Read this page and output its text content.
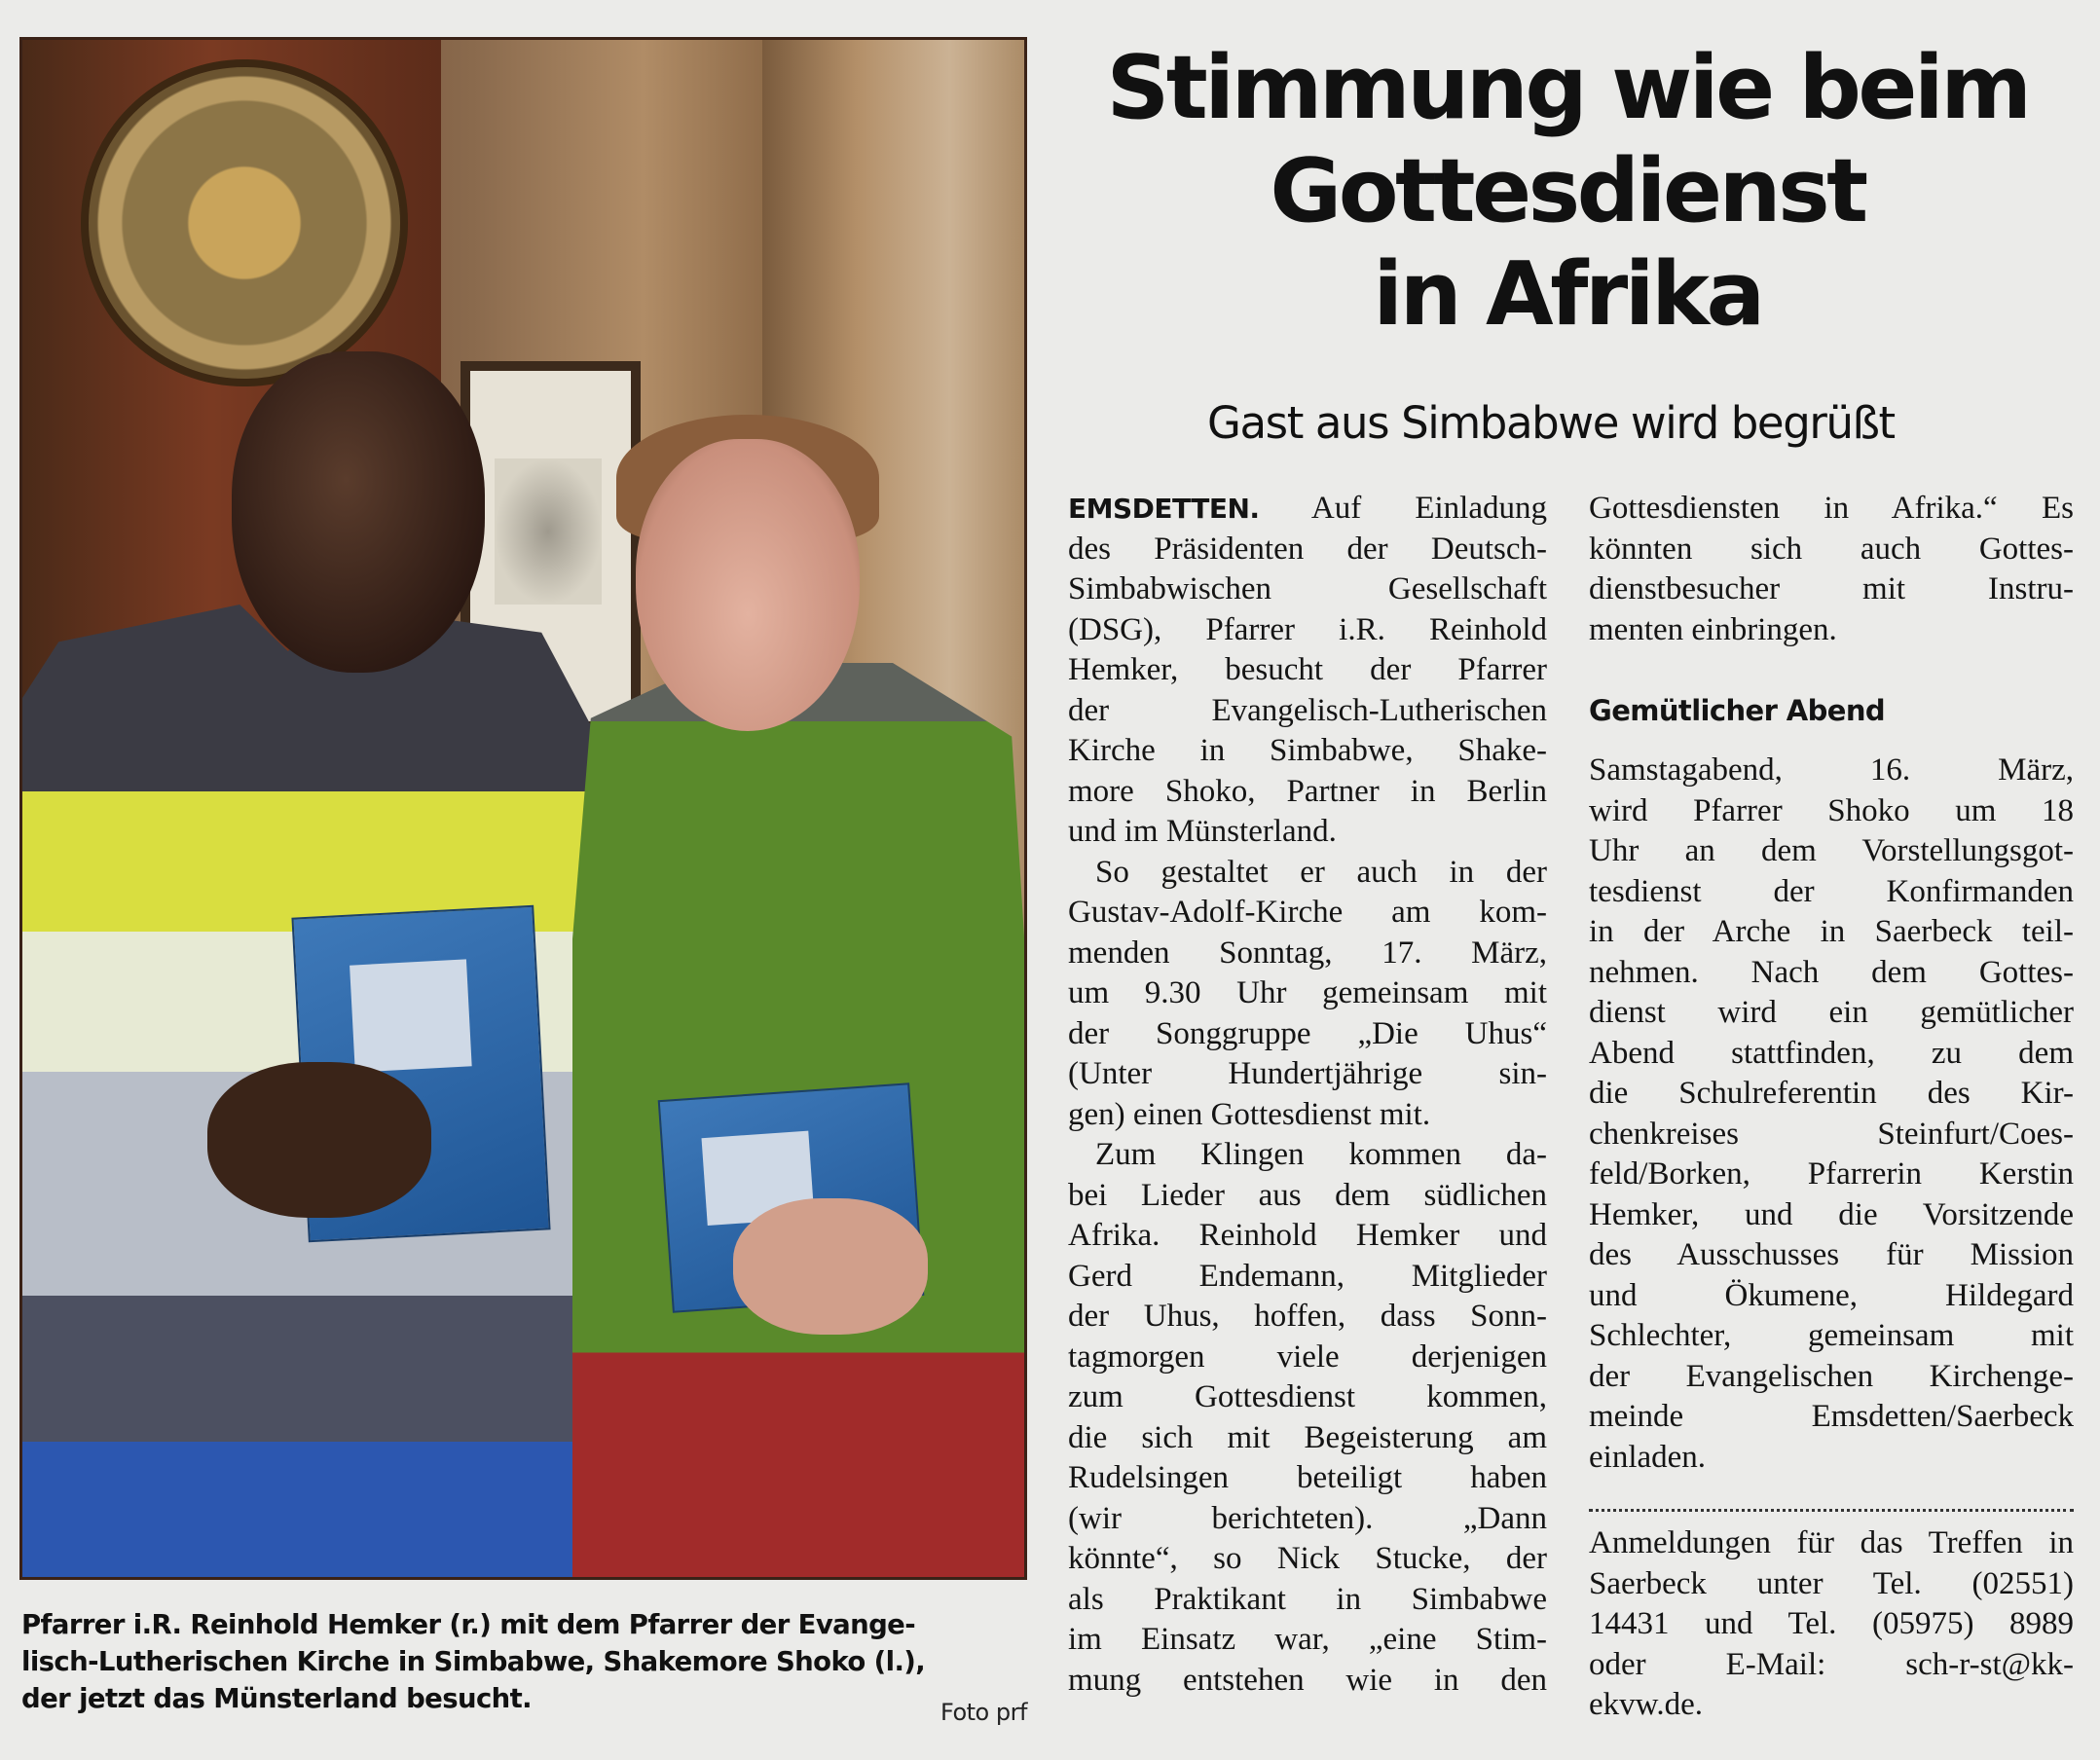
Pfarrer i.R. Reinhold Hemker (r.) mit dem Pfarrer der Evange-
lisch-Lutherischen Kirche in Simbabwe, Shakemore Shoko (l.),
der jetzt das Münsterland besucht.	Foto prf
Stimmung wie beim
Gottesdienst
in Afrika
Gast aus Simbabwe wird begrüßt
EMSDETTEN. Auf Einladung
des Präsidenten der Deutsch-
Simbabwischen Gesellschaft
(DSG), Pfarrer i.R. Reinhold
Hemker, besucht der Pfarrer
der Evangelisch-Lutherischen
Kirche in Simbabwe, Shake-
more Shoko, Partner in Berlin
und im Münsterland.
So gestaltet er auch in der
Gustav-Adolf-Kirche am kom-
menden Sonntag, 17. März,
um 9.30 Uhr gemeinsam mit
der Songgruppe „Die Uhus“
(Unter Hundertjährige sin-
gen) einen Gottesdienst mit.
Zum Klingen kommen da-
bei Lieder aus dem südlichen
Afrika. Reinhold Hemker und
Gerd Endemann, Mitglieder
der Uhus, hoffen, dass Sonn-
tagmorgen viele derjenigen
zum Gottesdienst kommen,
die sich mit Begeisterung am
Rudelsingen beteiligt haben
(wir berichteten). „Dann
könnte“, so Nick Stucke, der
als Praktikant in Simbabwe
im Einsatz war, „eine Stim-
mung entstehen wie in den
Gottesdiensten in Afrika.“ Es
könnten sich auch Gottes-
dienstbesucher mit Instru-
menten einbringen.
Gemütlicher Abend
Samstagabend, 16. März,
wird Pfarrer Shoko um 18
Uhr an dem Vorstellungsgot-
tesdienst der Konfirmanden
in der Arche in Saerbeck teil-
nehmen. Nach dem Gottes-
dienst wird ein gemütlicher
Abend stattfinden, zu dem
die Schulreferentin des Kir-
chenkreises Steinfurt/Coes-
feld/Borken, Pfarrerin Kerstin
Hemker, und die Vorsitzende
des Ausschusses für Mission
und Ökumene, Hildegard
Schlechter, gemeinsam mit
der Evangelischen Kirchenge-
meinde Emsdetten/Saerbeck
einladen.
Anmeldungen für das Treffen in
Saerbeck unter Tel. (02551)
14431 und Tel. (05975) 8989
oder E-Mail: sch-r-st@kk-
ekvw.de.
